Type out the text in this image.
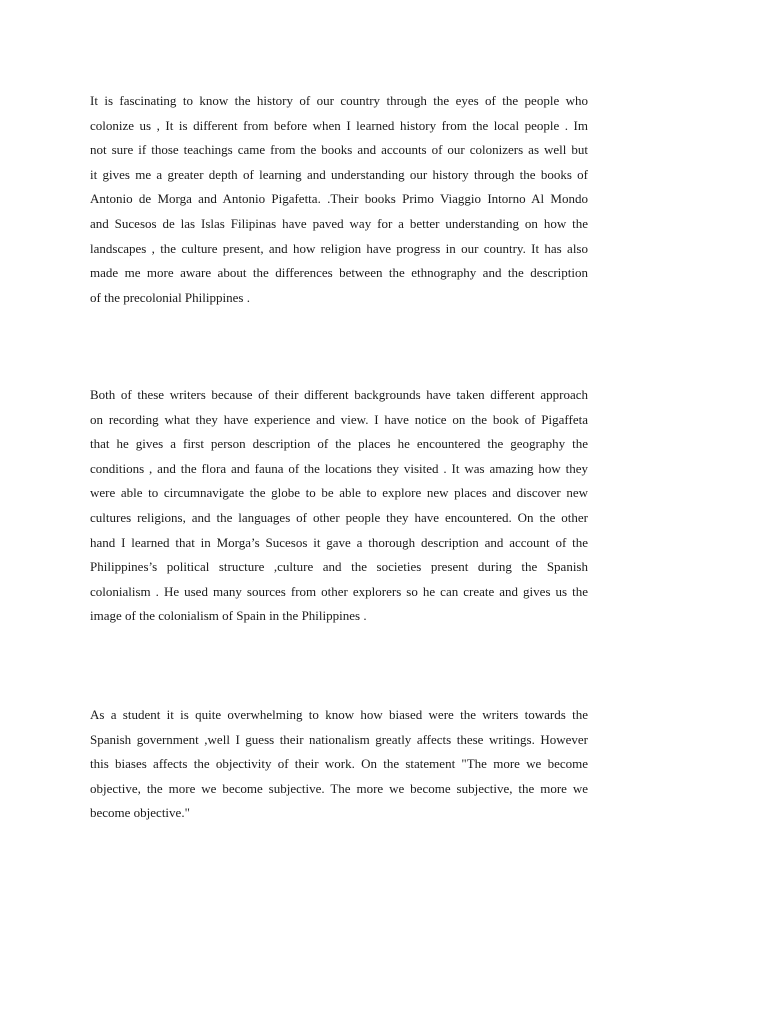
It is fascinating to know the history of our country through the eyes of the people who
colonize us , It is different from before when I learned history from the local people . Im
not sure if those teachings came from the books and accounts of our colonizers as well but
it gives me a greater depth of learning and understanding our history through the books of
Antonio de Morga and Antonio Pigafetta. .Their books Primo Viaggio Intorno Al Mondo
and Sucesos de las Islas Filipinas have paved way for a better understanding on how the
landscapes , the culture present, and how religion have progress in our country. It has also
made me more aware about the differences between the ethnography and the description
of the precolonial Philippines .

Both of these writers because of their different backgrounds have taken different approach
on recording what they have experience and view. I have notice on the book of Pigaffeta
that he gives a first person description of the places he encountered the geography the
conditions , and the flora and fauna of the locations they visited . It was amazing how they
were able to circumnavigate the globe to be able to explore new places and discover new
cultures religions, and the languages of other people they have encountered. On the other
hand I learned that in Morga’s Sucesos it gave a thorough description and account of the
Philippines’s political structure ,culture and the societies present during the Spanish
colonialism . He used many sources from other explorers so he can create and gives us the
image of the colonialism of Spain in the Philippines .

As a student it is quite overwhelming to know how biased were the writers towards the
Spanish government ,well I guess their nationalism greatly affects these writings. However
this biases affects the objectivity of their work. On the statement "The more we become
objective, the more we become subjective. The more we become subjective, the more we
become objective."
